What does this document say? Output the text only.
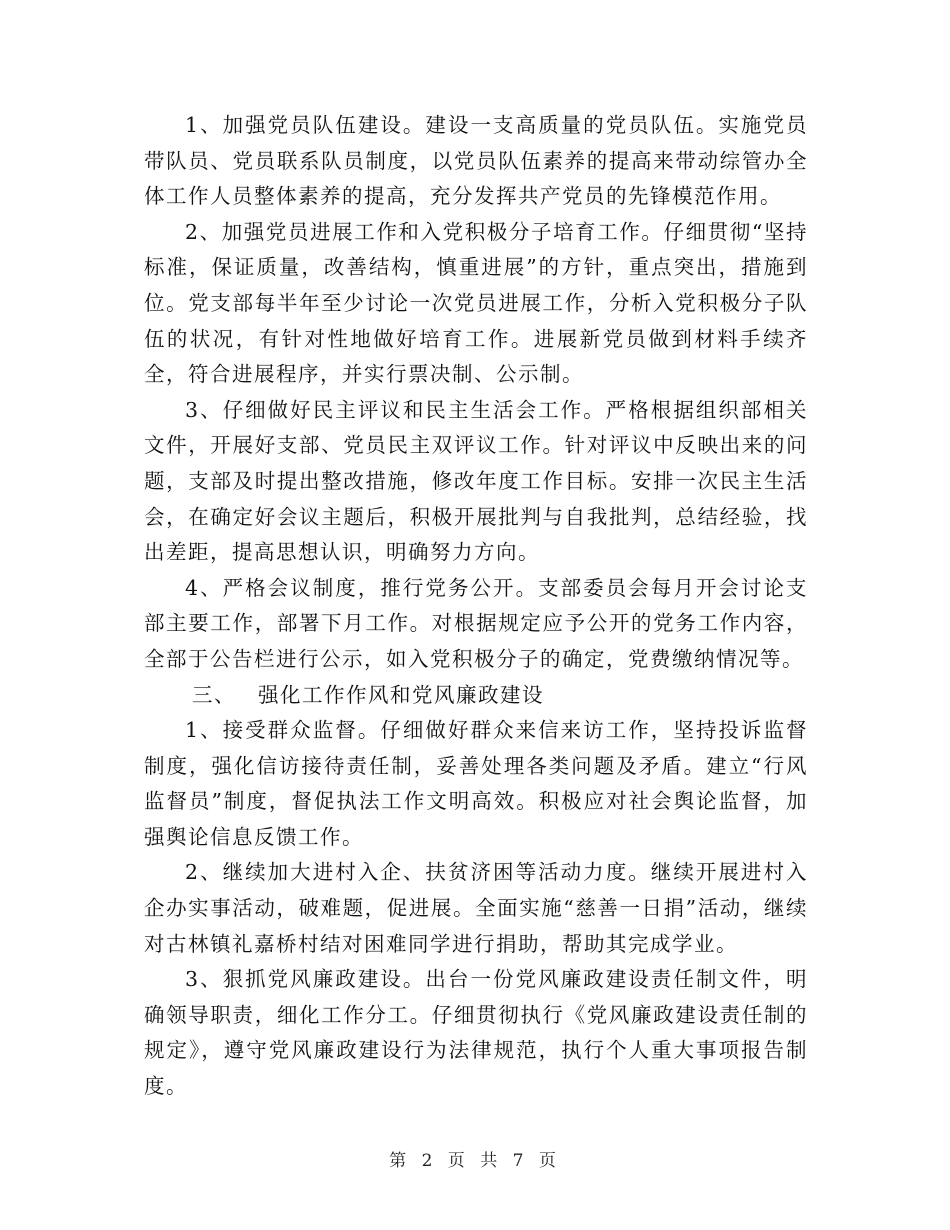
1、加强党员队伍建设。建设一支高质量的党员队伍。实施党员带队员、党员联系队员制度，以党员队伍素养的提高来带动综管办全体工作人员整体素养的提高，充分发挥共产党员的先锋模范作用。

2、加强党员进展工作和入党积极分子培育工作。仔细贯彻“坚持标准，保证质量，改善结构，慎重进展”的方针，重点突出，措施到位。党支部每半年至少讨论一次党员进展工作，分析入党积极分子队伍的状况，有针对性地做好培育工作。进展新党员做到材料手续齐全，符合进展程序，并实行票决制、公示制。

3、仔细做好民主评议和民主生活会工作。严格根据组织部相关文件，开展好支部、党员民主双评议工作。针对评议中反映出来的问题，支部及时提出整改措施，修改年度工作目标。安排一次民主生活会，在确定好会议主题后，积极开展批判与自我批判，总结经验，找出差距，提高思想认识，明确努力方向。

4、严格会议制度，推行党务公开。支部委员会每月开会讨论支部主要工作，部署下月工作。对根据规定应予公开的党务工作内容，全部于公告栏进行公示，如入党积极分子的确定，党费缴纳情况等。

三、 强化工作作风和党风廉政建设

1、接受群众监督。仔细做好群众来信来访工作，坚持投诉监督制度，强化信访接待责任制，妥善处理各类问题及矛盾。建立“行风监督员”制度，督促执法工作文明高效。积极应对社会舆论监督，加强舆论信息反馈工作。

2、继续加大进村入企、扶贫济困等活动力度。继续开展进村入企办实事活动，破难题，促进展。全面实施“慈善一日捐”活动，继续对古林镇礼嘉桥村结对困难同学进行捐助，帮助其完成学业。

3、狠抓党风廉政建设。出台一份党风廉政建设责任制文件，明确领导职责，细化工作分工。仔细贯彻执行《党风廉政建设责任制的规定》，遵守党风廉政建设行为法律规范，执行个人重大事项报告制度。

第 2 页 共 7 页
